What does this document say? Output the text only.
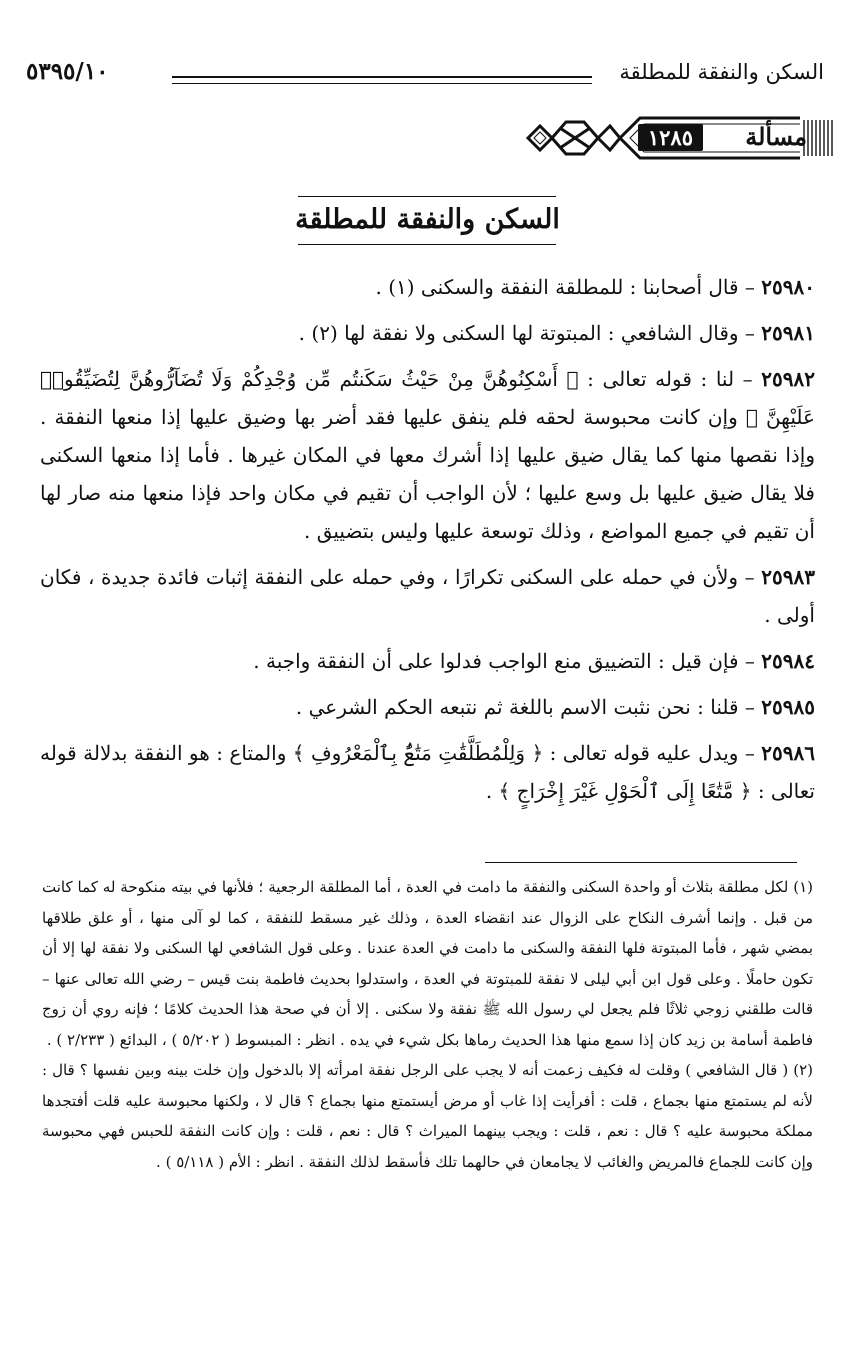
السكن والنفقة للمطلقة
٥٣٩٥/١٠
مسألة
١٢٨٥
السكن والنفقة للمطلقة

٢٥٩٨٠ – قال أصحابنا : للمطلقة النفقة والسكنى (١) .

٢٥٩٨١ – وقال الشافعي : المبتوتة لها السكنى ولا نفقة لها (٢) .

٢٥٩٨٢ – لنا : قوله تعالى : ﴿ أَسْكِنُوهُنَّ مِنْ حَيْثُ سَكَنتُم مِّن وُجْدِكُمْ وَلَا تُضَآرُّوهُنَّ لِتُضَيِّقُوا۟ عَلَيْهِنَّ ﴾ وإن كانت محبوسة لحقه فلم ينفق عليها فقد أضر بها وضيق عليها إذا منعها النفقة . وإذا نقصها منها كما يقال ضيق عليها إذا أشرك معها في المكان غيرها . فأما إذا منعها السكنى فلا يقال ضيق عليها بل وسع عليها ؛ لأن الواجب أن تقيم في مكان واحد فإذا منعها منه صار لها أن تقيم في جميع المواضع ، وذلك توسعة عليها وليس بتضييق .

٢٥٩٨٣ – ولأن في حمله على السكنى تكرارًا ، وفي حمله على النفقة إثبات فائدة جديدة ، فكان أولى .

٢٥٩٨٤ – فإن قيل : التضييق منع الواجب فدلوا على أن النفقة واجبة .

٢٥٩٨٥ – قلنا : نحن نثبت الاسم باللغة ثم نتبعه الحكم الشرعي .

٢٥٩٨٦ – ويدل عليه قوله تعالى : ﴿ وَلِلْمُطَلَّقَٰتِ مَتَٰعٌۢ بِٱلْمَعْرُوفِ ﴾ والمتاع : هو النفقة بدلالة قوله تعالى : ﴿ مَّتَٰعًا إِلَى ٱلْحَوْلِ غَيْرَ إِخْرَاجٍ ﴾ .

(١) لكل مطلقة بثلاث أو واحدة السكنى والنفقة ما دامت في العدة ، أما المطلقة الرجعية ؛ فلأنها في بيته منكوحة له كما كانت من قبل . وإنما أشرف النكاح على الزوال عند انقضاء العدة ، وذلك غير مسقط للنفقة ، كما لو آلى منها ، أو علق طلاقها بمضي شهر ، فأما المبتوتة فلها النفقة والسكنى ما دامت في العدة عندنا . وعلى قول الشافعي لها السكنى ولا نفقة لها إلا أن تكون حاملًا . وعلى قول ابن أبي ليلى لا نفقة للمبتوتة في العدة ، واستدلوا بحديث فاطمة بنت قيس – رضي الله تعالى عنها – قالت طلقني زوجي ثلاثًا فلم يجعل لي رسول الله ﷺ نفقة ولا سكنى . إلا أن في صحة هذا الحديث كلامًا ؛ فإنه روي أن زوج فاطمة أسامة بن زيد كان إذا سمع منها هذا الحديث رماها بكل شيء في يده . انظر : المبسوط ( ٥/٢٠٢ ) ، البدائع ( ٢/٢٣٣ ) .

(٢) ( قال الشافعي ) وقلت له فكيف زعمت أنه لا يجب على الرجل نفقة امرأته إلا بالدخول وإن خلت بينه وبين نفسها ؟ قال : لأنه لم يستمتع منها بجماع ، قلت : أفرأيت إذا غاب أو مرض أيستمتع منها بجماع ؟ قال لا ، ولكنها محبوسة عليه قلت أفتجدها مملكة محبوسة عليه ؟ قال : نعم ، قلت : ويجب بينهما الميراث ؟ قال : نعم ، قلت : وإن كانت النفقة للحبس فهي محبوسة وإن كانت للجماع فالمريض والغائب لا يجامعان في حالهما تلك فأسقط لذلك النفقة . انظر : الأم ( ٥/١١٨ ) .
